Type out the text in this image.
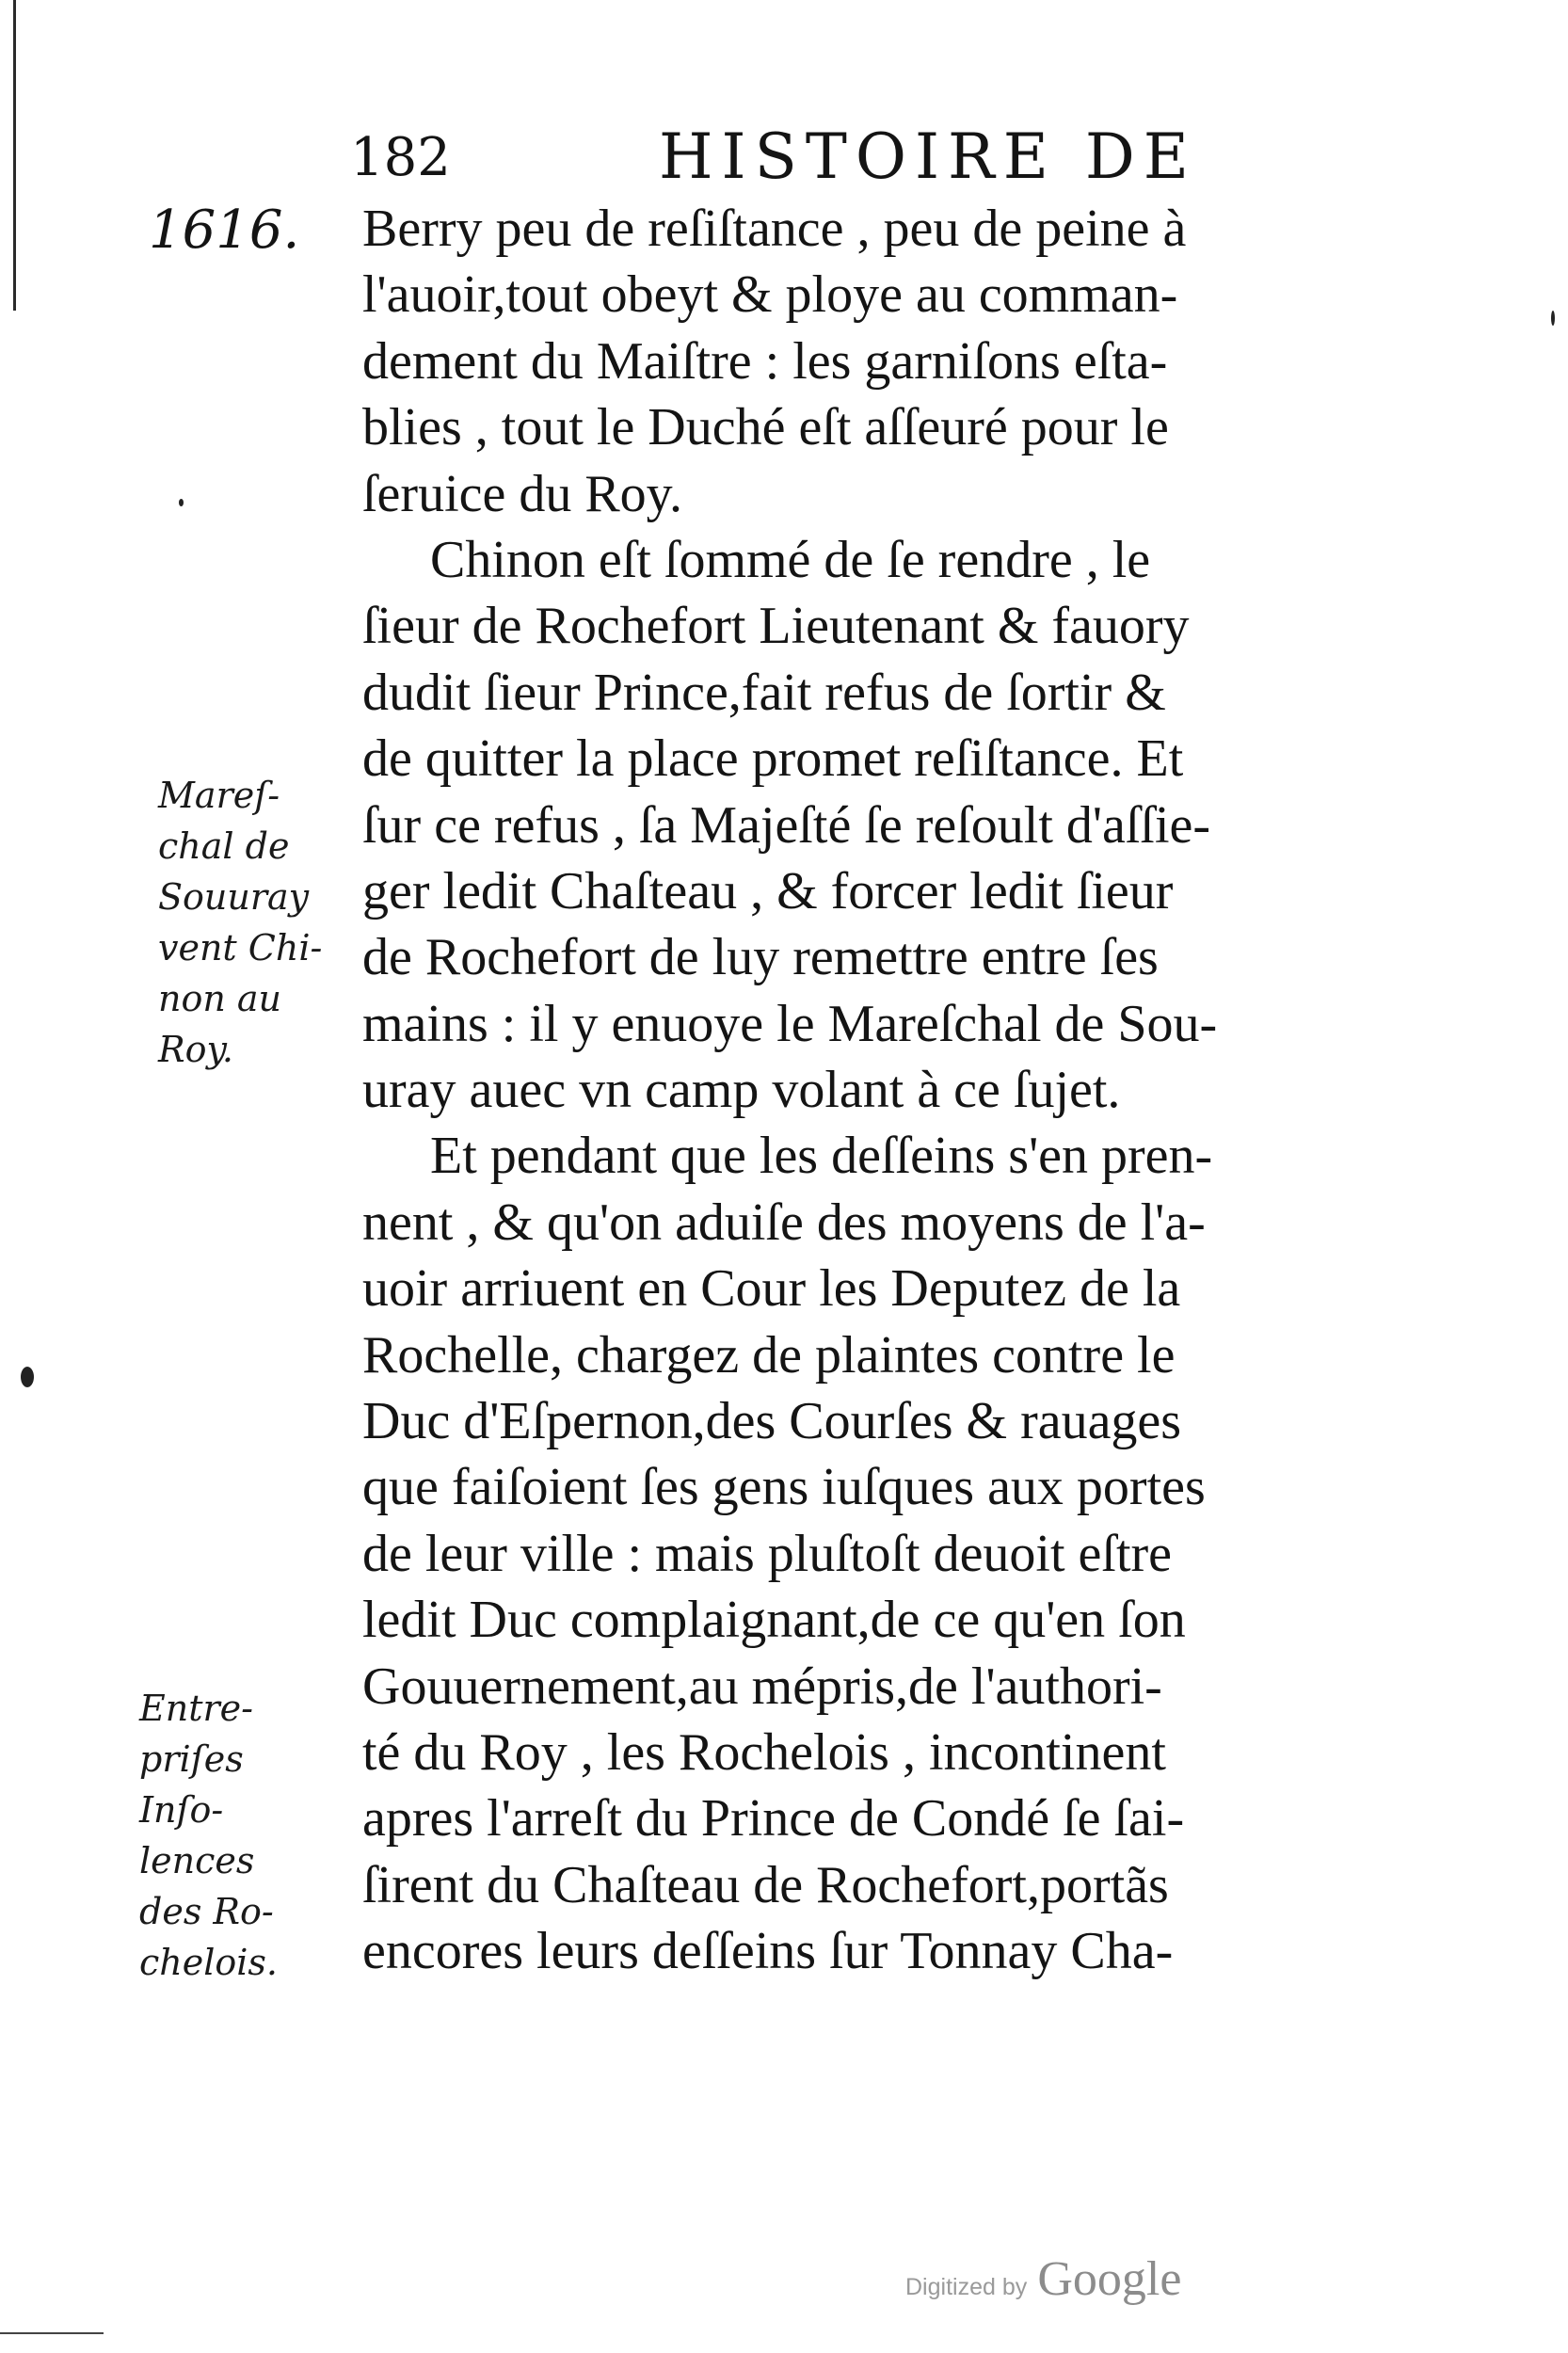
182	HISTOIRE DE
1616.
Mareſ-
chal de
Souuray
vent Chi-
non au
Roy.
Entre-
priſes
Inſo-
lences
des Ro-
chelois.
Berry peu de reſiſtance , peu de peine à
l'auoir,tout obeyt & ploye au comman-
dement du Maiſtre : les garniſons eſta-
blies , tout le Duché eſt aſſeuré pour le
ſeruice du Roy.
Chinon eſt ſommé de ſe rendre , le
ſieur de Rochefort Lieutenant & fauory
dudit ſieur Prince,fait refus de ſortir &
de quitter la place promet reſiſtance. Et
ſur ce refus , ſa Majeſté ſe reſoult d'aſſie-
ger ledit Chaſteau , & forcer ledit ſieur
de Rochefort de luy remettre entre ſes
mains : il y enuoye le Mareſchal de Sou-
uray auec vn camp volant à ce ſujet.
Et pendant que les deſſeins s'en pren-
nent , & qu'on aduiſe des moyens de l'a-
uoir arriuent en Cour les Deputez de la
Rochelle, chargez de plaintes contre le
Duc d'Eſpernon,des Courſes & rauages
que faiſoient ſes gens iuſques aux portes
de leur ville : mais pluſtoſt deuoit eſtre
ledit Duc complaignant,de ce qu'en ſon
Gouuernement,au mépris,de l'authori-
té du Roy , les Rochelois , incontinent
apres l'arreſt du Prince de Condé ſe ſai-
ſirent du Chaſteau de Rochefort,portãs
encores leurs deſſeins ſur Tonnay Cha-
Digitized by Google
